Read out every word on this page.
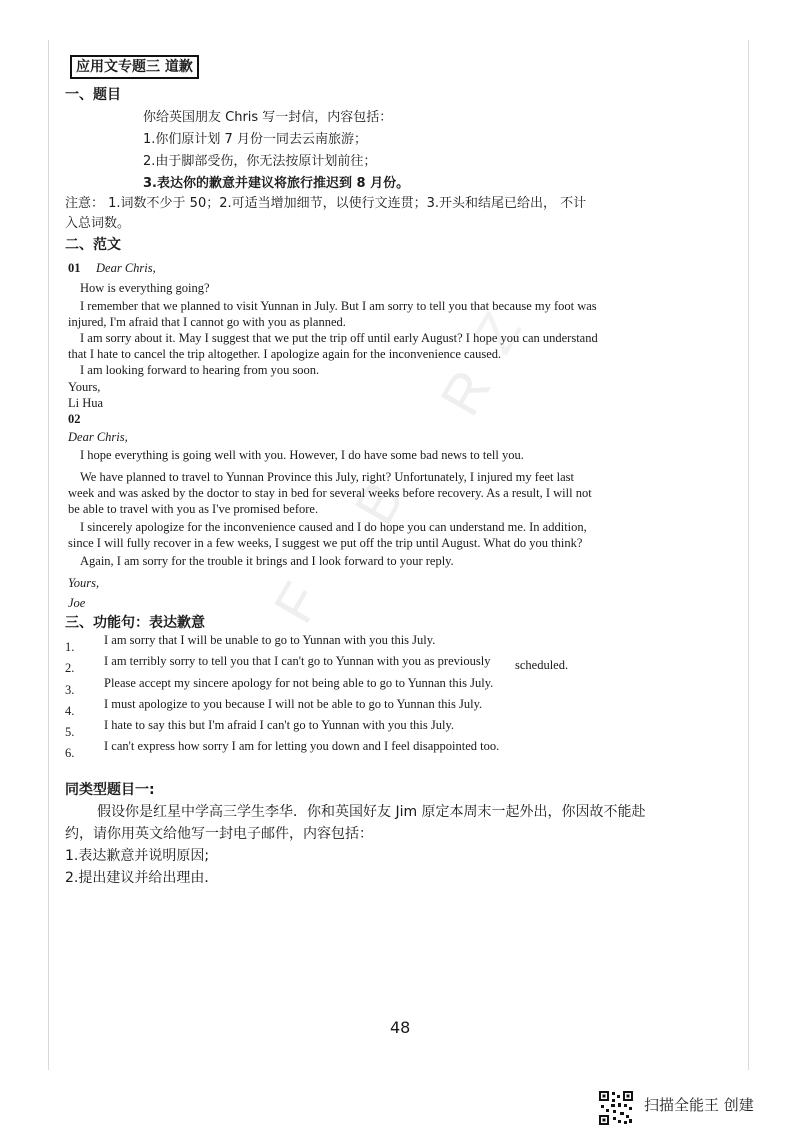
R
B
F
Z
应用文专题三 道歉
一、题目
你给英国朋友 Chris 写一封信，内容包括：
1.你们原计划 7 月份一同去云南旅游；
2.由于脚部受伤，你无法按原计划前往；
3.表达你的歉意并建议将旅行推迟到 8 月份。
注意： 1.词数不少于 50；2.可适当增加细节，以使行文连贯；3.开头和结尾已给出， 不计
入总词数。
二、范文
01 Dear Chris,
How is everything going?
I remember that we planned to visit Yunnan in July. But I am sorry to tell you that because my foot was
injured, I'm afraid that I cannot go with you as planned.
I am sorry about it. May I suggest that we put the trip off until early August? I hope you can understand
that I hate to cancel the trip altogether. I apologize again for the inconvenience caused.
I am looking forward to hearing from you soon.
Yours,
Li Hua
02
Dear Chris,
I hope everything is going well with you. However, I do have some bad news to tell you.
We have planned to travel to Yunnan Province this July, right? Unfortunately, I injured my feet last
week and was asked by the doctor to stay in bed for several weeks before recovery. As a result, I will not
be able to travel with you as I've promised before.
I sincerely apologize for the inconvenience caused and I do hope you can understand me. In addition,
since I will fully recover in a few weeks, I suggest we put off the trip until August. What do you think?
Again, I am sorry for the trouble it brings and I look forward to your reply.
Yours,
Joe
三、功能句：表达歉意
1. I am sorry that I will be unable to go to Yunnan with you this July.
2. I am terribly sorry to tell you that I can't go to Yunnan with you as previously scheduled.
3. Please accept my sincere apology for not being able to go to Yunnan this July.
4. I must apologize to you because I will not be able to go to Yunnan this July.
5. I hate to say this but I'm afraid I can't go to Yunnan with you this July.
6. I can't express how sorry I am for letting you down and I feel disappointed too.
同类型题目一:
假设你是红星中学高三学生李华．你和英国好友 Jim 原定本周末一起外出，你因故不能赴
约，请你用英文给他写一封电子邮件，内容包括：
1.表达歉意并说明原因;
2.提出建议并给出理由．
48
扫描全能王 创建
